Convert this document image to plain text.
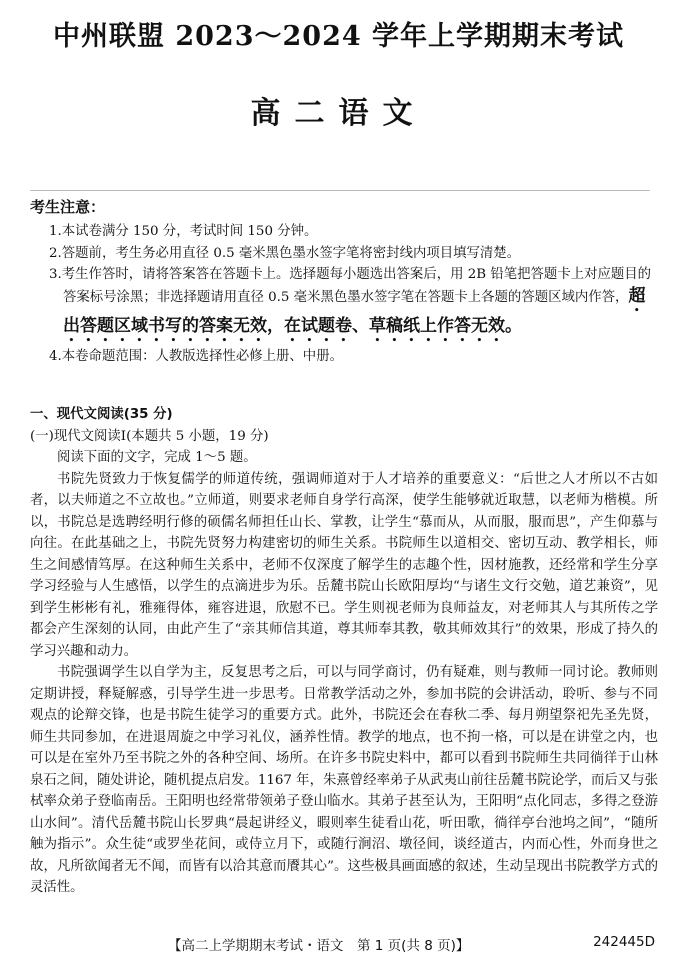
中州联盟 2023～2024 学年上学期期末考试
高二语文
考生注意：
1.本试卷满分 150 分，考试时间 150 分钟。
2.答题前，考生务必用直径 0.5 毫米黑色墨水签字笔将密封线内项目填写清楚。
3.考生作答时，请将答案答在答题卡上。选择题每小题选出答案后，用 2B 铅笔把答题卡上对应题目的答案标号涂黑；非选择题请用直径 0.5 毫米黑色墨水签字笔在答题卡上各题的答题区域内作答，超出答题区域书写的答案无效，在试题卷、草稿纸上作答无效。
4.本卷命题范围：人教版选择性必修上册、中册。
一、现代文阅读(35 分)
(一)现代文阅读Ⅰ(本题共 5 小题，19 分)

阅读下面的文字，完成 1～5 题。

书院先贤致力于恢复儒学的师道传统，强调师道对于人才培养的重要意义：“后世之人才所以不古如者，以夫师道之不立故也。”立师道，则要求老师自身学行高深，使学生能够就近取慧，以老师为楷模。所以，书院总是选聘经明行修的硕儒名师担任山长、掌教，让学生“慕而从，从而服，服而思”，产生仰慕与向往。在此基础之上，书院先贤努力构建密切的师生关系。书院师生以道相交、密切互动、教学相长，师生之间感情笃厚。在这种师生关系中，老师不仅深度了解学生的志趣个性，因材施教，还经常和学生分享学习经验与人生感悟，以学生的点滴进步为乐。岳麓书院山长欧阳厚均“与诸生文行交勉，道艺兼资”，见到学生彬彬有礼，雅雍得体，雍容进退，欣慰不已。学生则视老师为良师益友，对老师其人与其所传之学都会产生深刻的认同，由此产生了“亲其师信其道，尊其师奉其教，敬其师效其行”的效果，形成了持久的学习兴趣和动力。

书院强调学生以自学为主，反复思考之后，可以与同学商讨，仍有疑难，则与教师一同讨论。教师则定期讲授，释疑解惑，引导学生进一步思考。日常教学活动之外，参加书院的会讲活动，聆听、参与不同观点的论辩交锋，也是书院生徒学习的重要方式。此外，书院还会在春秋二季、每月朔望祭祀先圣先贤，师生共同参加，在进退周旋之中学习礼仪，涵养性情。教学的地点，也不拘一格，可以是在讲堂之内，也可以是在室外乃至书院之外的各种空间、场所。在许多书院史料中，都可以看到书院师生共同徜徉于山林泉石之间，随处讲论，随机提点启发。1167 年，朱熹曾经率弟子从武夷山前往岳麓书院论学，而后又与张栻率众弟子登临南岳。王阳明也经常带领弟子登山临水。其弟子甚至认为，王阳明“点化同志，多得之登游山水间”。清代岳麓书院山长罗典“晨起讲经义，暇则率生徒看山花，听田歌，徜徉亭台池坞之间”，“随所触为指示”。众生徒“或罗坐花间，或侍立月下，或随行涧沼、墩径间，谈经道古，内而心性，外而身世之故，凡所欲闻者无不闻，而皆有以洽其意而餍其心”。这些极具画面感的叙述，生动呈现出书院教学方式的灵活性。

【高二上学期期末考试・语文　第 1 页(共 8 页)】	242445D
